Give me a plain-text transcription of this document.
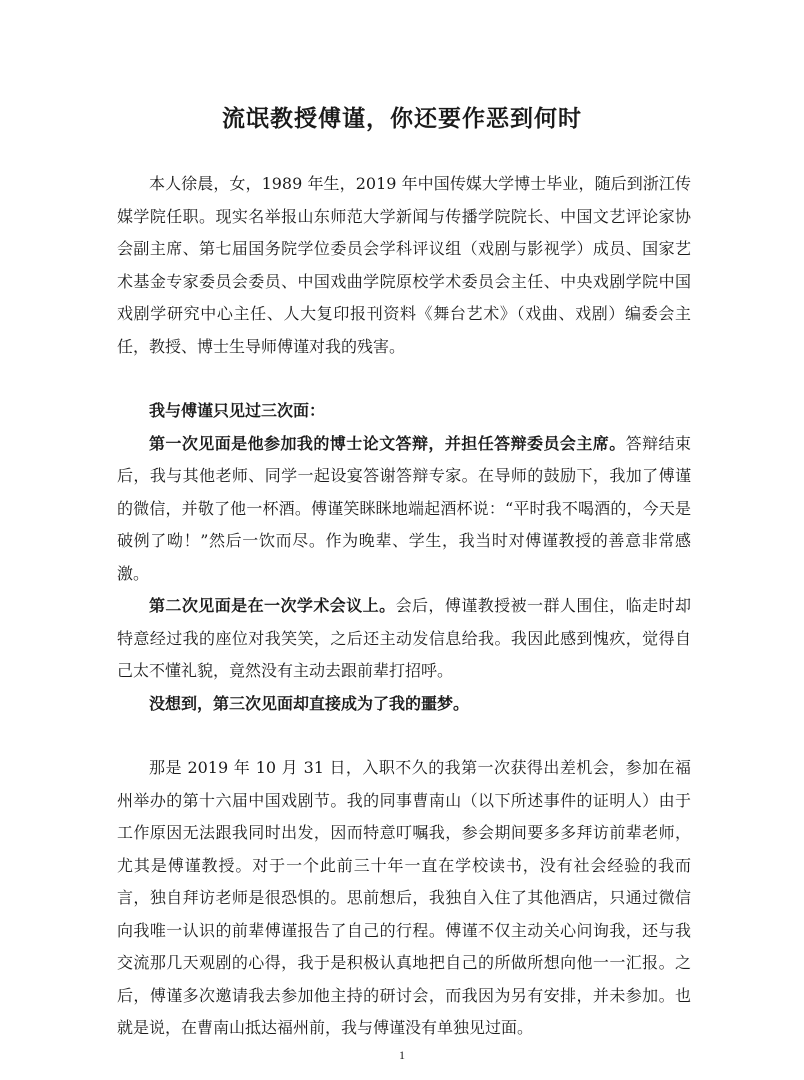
流氓教授傅谨，你还要作恶到何时

本人徐晨，女，1989 年生，2019 年中国传媒大学博士毕业，随后到浙江传媒学院任职。现实名举报山东师范大学新闻与传播学院院长、中国文艺评论家协会副主席、第七届国务院学位委员会学科评议组（戏剧与影视学）成员、国家艺术基金专家委员会委员、中国戏曲学院原校学术委员会主任、中央戏剧学院中国戏剧学研究中心主任、人大复印报刊资料《舞台艺术》（戏曲、戏剧）编委会主任，教授、博士生导师傅谨对我的残害。

我与傅谨只见过三次面：

第一次见面是他参加我的博士论文答辩，并担任答辩委员会主席。答辩结束后，我与其他老师、同学一起设宴答谢答辩专家。在导师的鼓励下，我加了傅谨的微信，并敬了他一杯酒。傅谨笑眯眯地端起酒杯说：“平时我不喝酒的，今天是破例了呦！”然后一饮而尽。作为晚辈、学生，我当时对傅谨教授的善意非常感激。

第二次见面是在一次学术会议上。会后，傅谨教授被一群人围住，临走时却特意经过我的座位对我笑笑，之后还主动发信息给我。我因此感到愧疚，觉得自己太不懂礼貌，竟然没有主动去跟前辈打招呼。

没想到，第三次见面却直接成为了我的噩梦。

那是 2019 年 10 月 31 日，入职不久的我第一次获得出差机会，参加在福州举办的第十六届中国戏剧节。我的同事曹南山（以下所述事件的证明人）由于工作原因无法跟我同时出发，因而特意叮嘱我，参会期间要多多拜访前辈老师，尤其是傅谨教授。对于一个此前三十年一直在学校读书，没有社会经验的我而言，独自拜访老师是很恐惧的。思前想后，我独自入住了其他酒店，只通过微信向我唯一认识的前辈傅谨报告了自己的行程。傅谨不仅主动关心问询我，还与我交流那几天观剧的心得，我于是积极认真地把自己的所做所想向他一一汇报。之后，傅谨多次邀请我去参加他主持的研讨会，而我因为另有安排，并未参加。也就是说，在曹南山抵达福州前，我与傅谨没有单独见过面。

1
